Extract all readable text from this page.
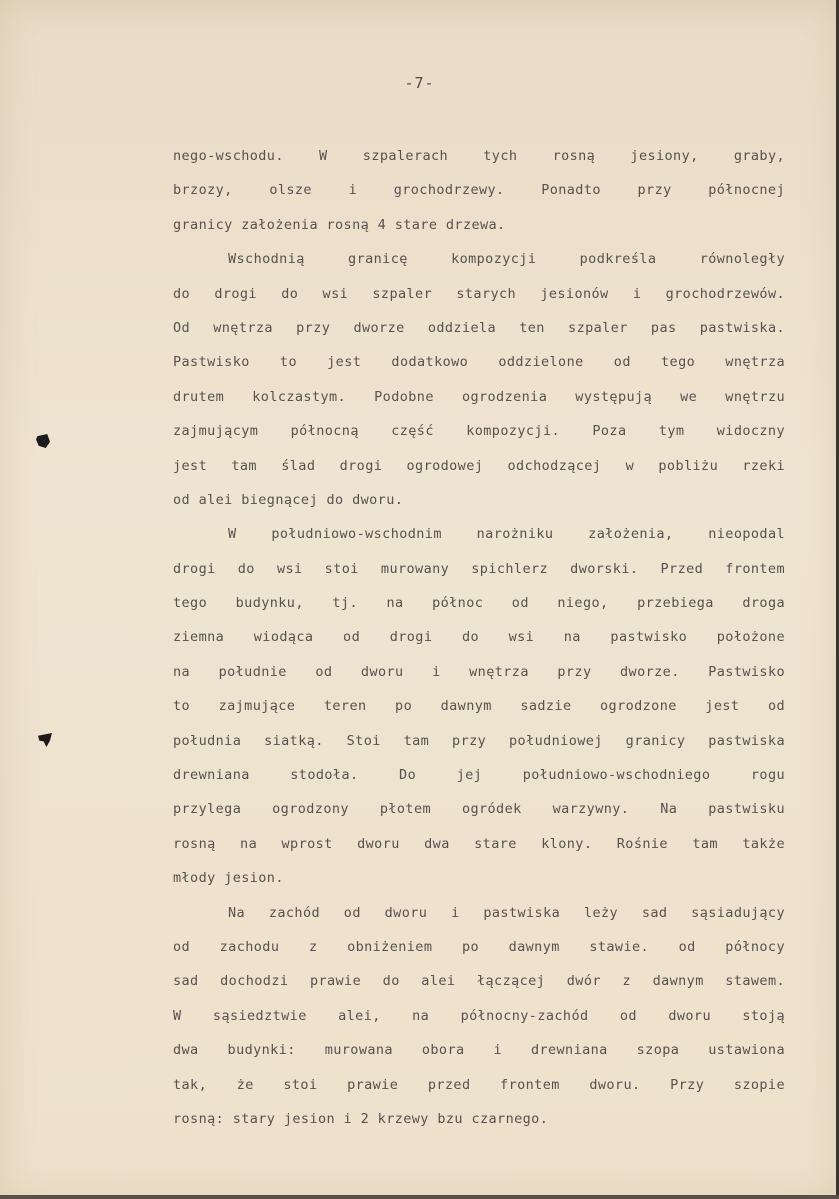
-7-
nego-wschodu. W szpalerach tych rosną jesiony, graby,
brzozy, olsze i grochodrzewy. Ponadto przy północnej
granicy założenia rosną 4 stare drzewa.
Wschodnią granicę kompozycji podkreśla równoległy
do drogi do wsi szpaler starych jesionów i grochodrzewów.
Od wnętrza przy dworze oddziela ten szpaler pas pastwiska.
Pastwisko to jest dodatkowo oddzielone od tego wnętrza
drutem kolczastym. Podobne ogrodzenia występują we wnętrzu
zajmującym północną część kompozycji. Poza tym widoczny
jest tam ślad drogi ogrodowej odchodzącej w pobliżu rzeki
od alei biegnącej do dworu.
W południowo-wschodnim narożniku założenia, nieopodal
drogi do wsi stoi murowany spichlerz dworski. Przed frontem
tego budynku, tj. na północ od niego, przebiega droga
ziemna wiodąca od drogi do wsi na pastwisko położone
na południe od dworu i wnętrza przy dworze. Pastwisko
to zajmujące teren po dawnym sadzie ogrodzone jest od
południa siatką. Stoi tam przy południowej granicy pastwiska
drewniana stodoła. Do jej południowo-wschodniego rogu
przylega ogrodzony płotem ogródek warzywny. Na pastwisku
rosną na wprost dworu dwa stare klony. Rośnie tam także
młody jesion.
Na zachód od dworu i pastwiska leży sad sąsiadujący
od zachodu z obniżeniem po dawnym stawie. od północy
sad dochodzi prawie do alei łączącej dwór z dawnym stawem.
W sąsiedztwie alei, na północny-zachód od dworu stoją
dwa budynki: murowana obora i drewniana szopa ustawiona
tak, że stoi prawie przed frontem dworu. Przy szopie
rosną: stary jesion i 2 krzewy bzu czarnego.
